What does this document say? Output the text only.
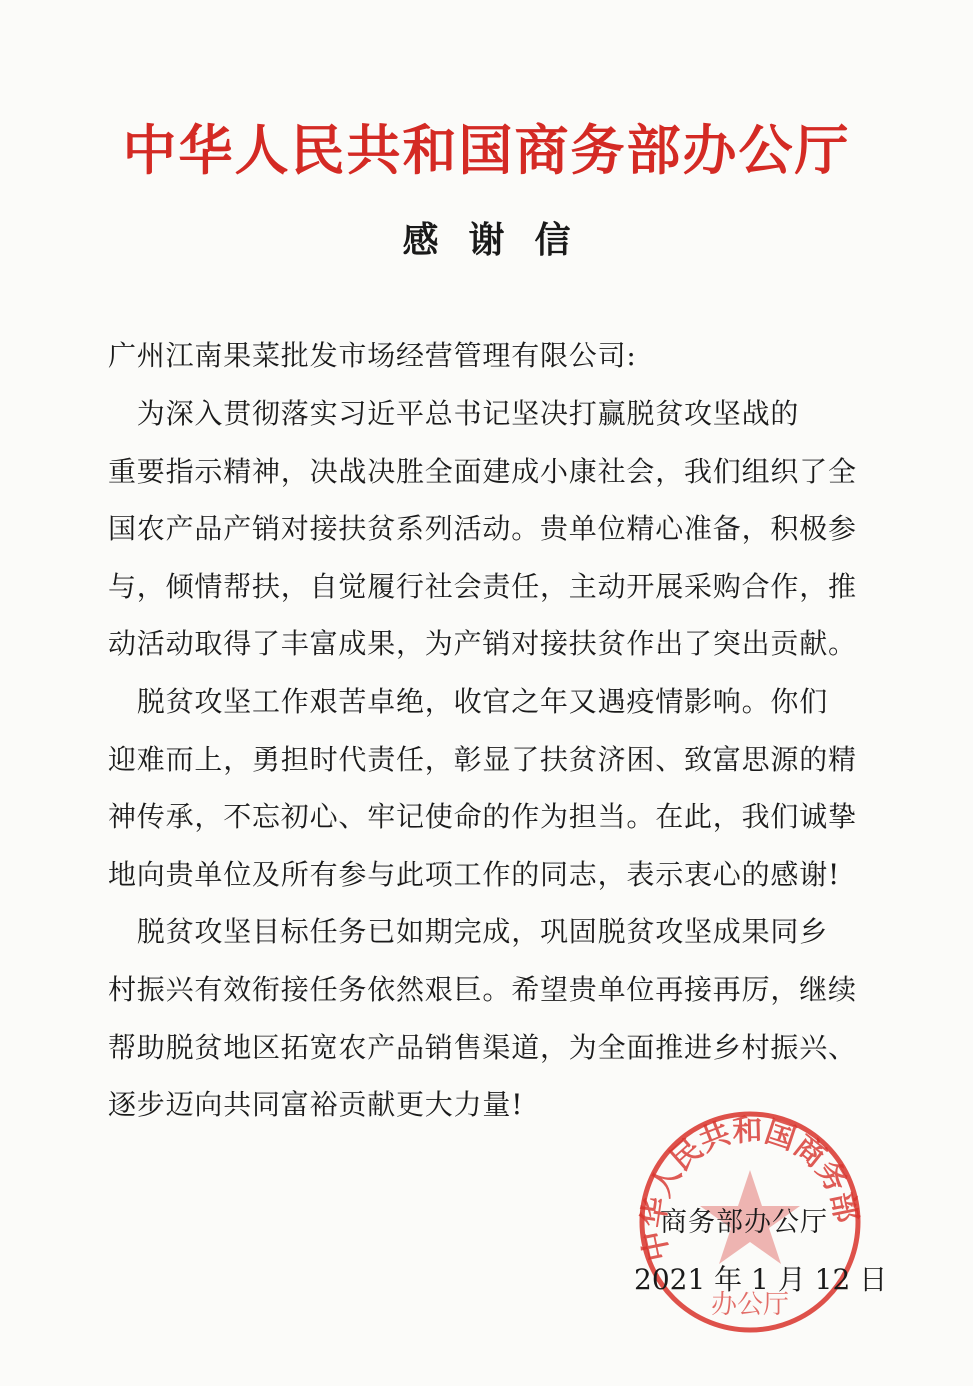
中华人民共和国商务部办公厅
感谢信
中华人民共和国商务部
办公厅
广州江南果菜批发市场经营管理有限公司:
　为深入贯彻落实习近平总书记坚决打赢脱贫攻坚战的
重要指示精神，决战决胜全面建成小康社会，我们组织了全
国农产品产销对接扶贫系列活动。贵单位精心准备，积极参
与，倾情帮扶，自觉履行社会责任，主动开展采购合作，推
动活动取得了丰富成果，为产销对接扶贫作出了突出贡献。
　脱贫攻坚工作艰苦卓绝，收官之年又遇疫情影响。你们
迎难而上，勇担时代责任，彰显了扶贫济困、致富思源的精
神传承，不忘初心、牢记使命的作为担当。在此，我们诚挚
地向贵单位及所有参与此项工作的同志，表示衷心的感谢!
　脱贫攻坚目标任务已如期完成，巩固脱贫攻坚成果同乡
村振兴有效衔接任务依然艰巨。希望贵单位再接再厉，继续
帮助脱贫地区拓宽农产品销售渠道，为全面推进乡村振兴、
逐步迈向共同富裕贡献更大力量!
商务部办公厅
2021 年 1 月 12 日
